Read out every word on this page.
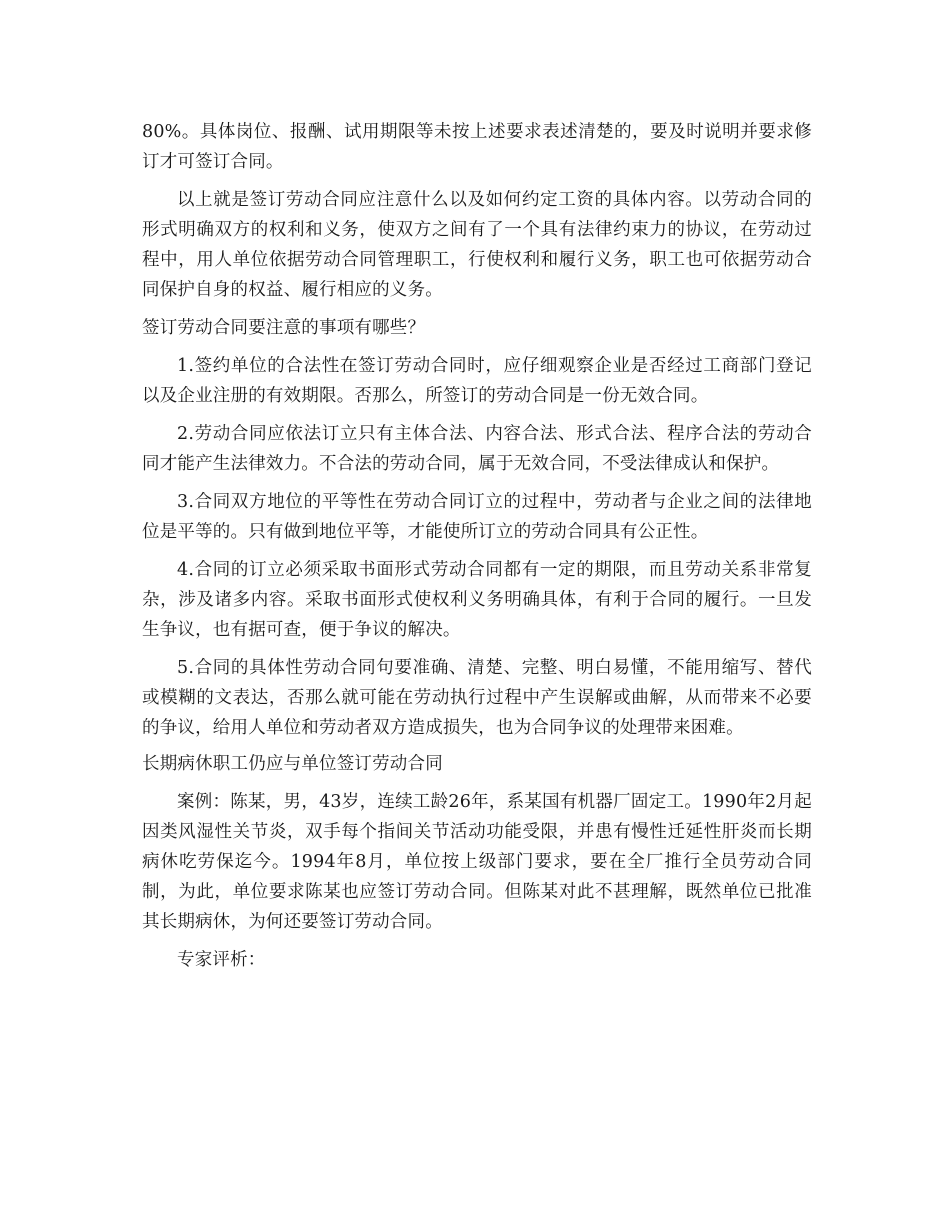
80%。具体岗位、报酬、试用期限等未按上述要求表述清楚的，要及时说明并要求修订才可签订合同。

以上就是签订劳动合同应注意什么以及如何约定工资的具体内容。以劳动合同的形式明确双方的权利和义务，使双方之间有了一个具有法律约束力的协议，在劳动过程中，用人单位依据劳动合同管理职工，行使权利和履行义务，职工也可依据劳动合同保护自身的权益、履行相应的义务。

签订劳动合同要注意的事项有哪些？

1.签约单位的合法性在签订劳动合同时，应仔细观察企业是否经过工商部门登记以及企业注册的有效期限。否那么，所签订的劳动合同是一份无效合同。

2.劳动合同应依法订立只有主体合法、内容合法、形式合法、程序合法的劳动合同才能产生法律效力。不合法的劳动合同，属于无效合同，不受法律成认和保护。

3.合同双方地位的平等性在劳动合同订立的过程中，劳动者与企业之间的法律地位是平等的。只有做到地位平等，才能使所订立的劳动合同具有公正性。

4.合同的订立必须采取书面形式劳动合同都有一定的期限，而且劳动关系非常复杂，涉及诸多内容。采取书面形式使权利义务明确具体，有利于合同的履行。一旦发生争议，也有据可查，便于争议的解决。

5.合同的具体性劳动合同句要准确、清楚、完整、明白易懂，不能用缩写、替代或模糊的文表达，否那么就可能在劳动执行过程中产生误解或曲解，从而带来不必要的争议，给用人单位和劳动者双方造成损失，也为合同争议的处理带来困难。

长期病休职工仍应与单位签订劳动合同

案例：陈某，男，43岁，连续工龄26年，系某国有机器厂固定工。1990年2月起因类风湿性关节炎，双手每个指间关节活动功能受限，并患有慢性迁延性肝炎而长期病休吃劳保迄今。1994年8月，单位按上级部门要求，要在全厂推行全员劳动合同制，为此，单位要求陈某也应签订劳动合同。但陈某对此不甚理解，既然单位已批准其长期病休，为何还要签订劳动合同。

专家评析：
